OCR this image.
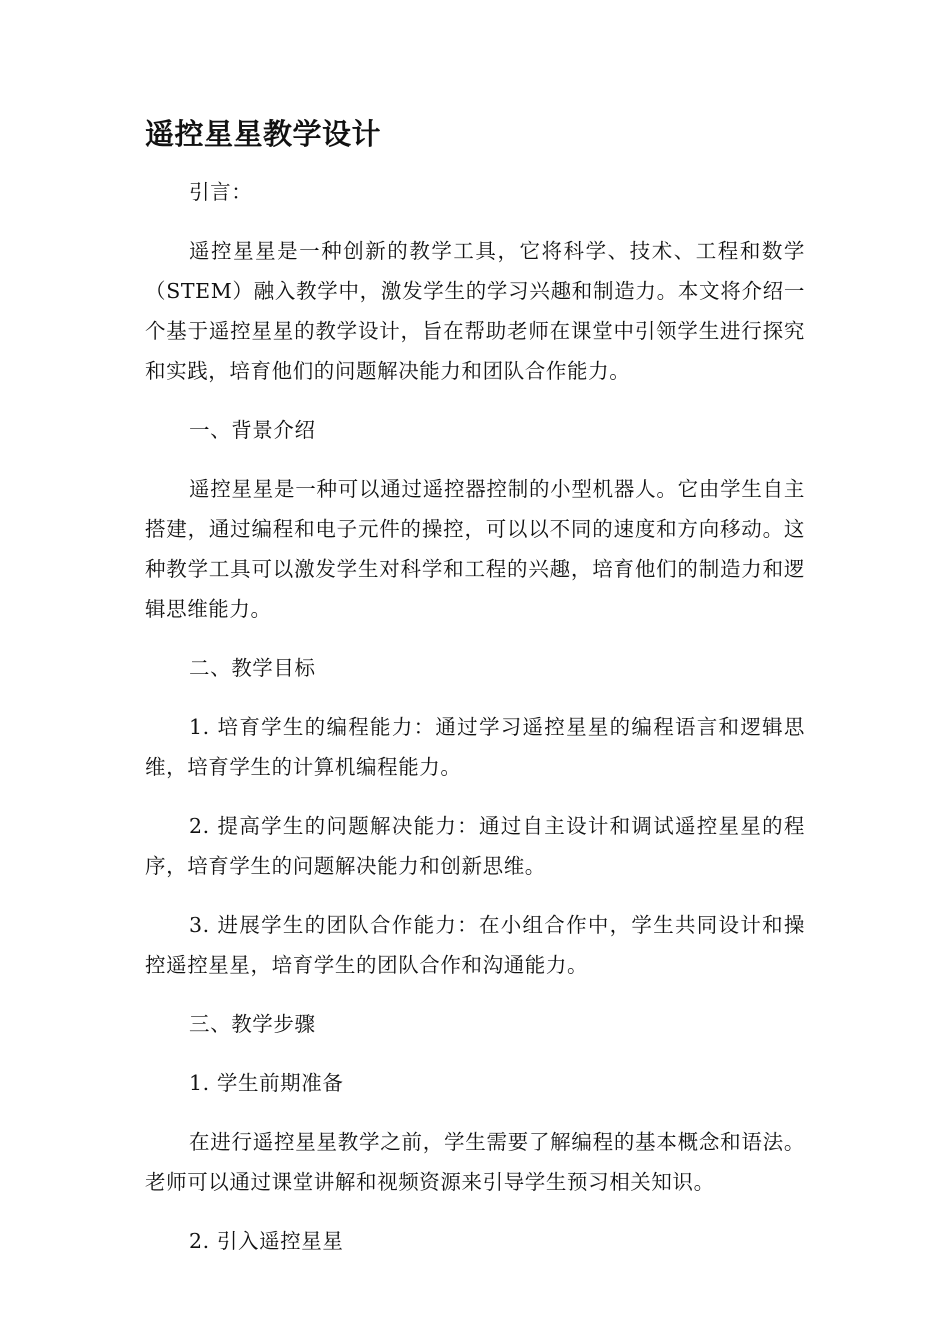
遥控星星教学设计

引言：

遥控星星是一种创新的教学工具，它将科学、技术、工程和数学（STEM）融入教学中，激发学生的学习兴趣和制造力。本文将介绍一个基于遥控星星的教学设计，旨在帮助老师在课堂中引领学生进行探究和实践，培育他们的问题解决能力和团队合作能力。

一、背景介绍

遥控星星是一种可以通过遥控器控制的小型机器人。它由学生自主搭建，通过编程和电子元件的操控，可以以不同的速度和方向移动。这种教学工具可以激发学生对科学和工程的兴趣，培育他们的制造力和逻辑思维能力。

二、教学目标

1. 培育学生的编程能力：通过学习遥控星星的编程语言和逻辑思维，培育学生的计算机编程能力。

2. 提高学生的问题解决能力：通过自主设计和调试遥控星星的程序，培育学生的问题解决能力和创新思维。

3. 进展学生的团队合作能力：在小组合作中，学生共同设计和操控遥控星星，培育学生的团队合作和沟通能力。

三、教学步骤

1. 学生前期准备

在进行遥控星星教学之前，学生需要了解编程的基本概念和语法。老师可以通过课堂讲解和视频资源来引导学生预习相关知识。

2. 引入遥控星星
